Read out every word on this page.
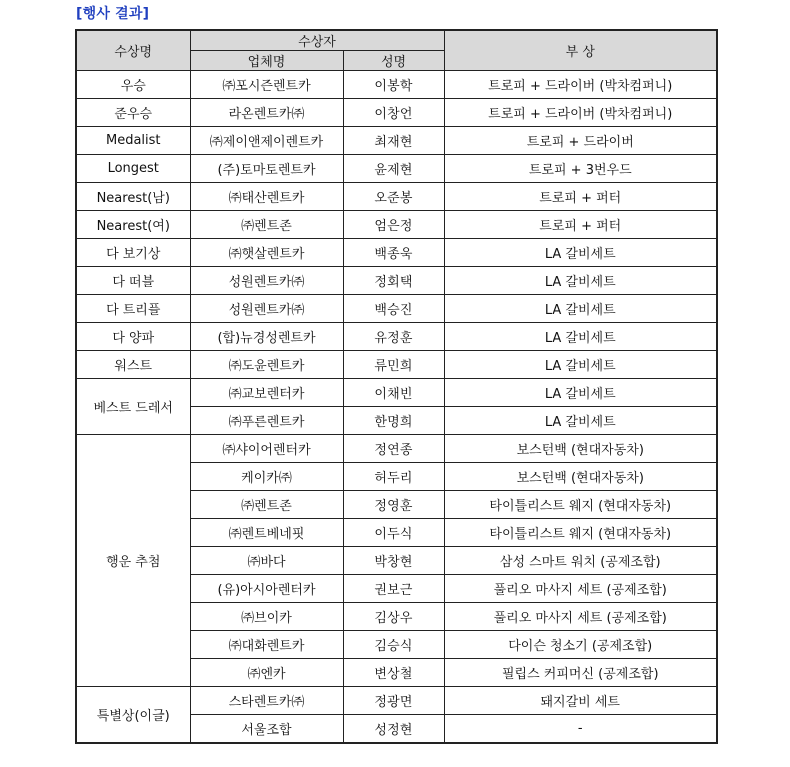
[행사 결과]
수상명	수상자		부 상
	업체명	성명	
우승	㈜포시즌렌트카	이봉학	트로피 + 드라이버 (박차컴퍼니)
준우승	라온렌트카㈜	이창언	트로피 + 드라이버 (박차컴퍼니)
Medalist	㈜제이앤제이렌트카	최재현	트로피 + 드라이버
Longest	(주)토마토렌트카	윤제현	트로피 + 3번우드
Nearest(남)	㈜태산렌트카	오준봉	트로피 + 퍼터
Nearest(여)	㈜렌트존	엄은정	트로피 + 퍼터
다 보기상	㈜햇살렌트카	백종욱	LA 갈비세트
다 떠블	성원렌트카㈜	정회택	LA 갈비세트
다 트리플	성원렌트카㈜	백승진	LA 갈비세트
다 양파	(합)뉴경성렌트카	유정훈	LA 갈비세트
워스트	㈜도윤렌트카	류민희	LA 갈비세트
베스트 드레서	㈜교보렌터카	이채빈	LA 갈비세트
	㈜푸른렌트카	한명희	LA 갈비세트
행운 추첨	㈜샤이어렌터카	정연종	보스턴백 (현대자동차)
	케이카㈜	허두리	보스턴백 (현대자동차)
	㈜렌트존	정영훈	타이틀리스트 웨지 (현대자동차)
	㈜렌트베네핏	이두식	타이틀리스트 웨지 (현대자동차)
	㈜바다	박창현	삼성 스마트 워치 (공제조합)
	(유)아시아렌터카	권보근	풀리오 마사지 세트 (공제조합)
	㈜브이카	김상우	풀리오 마사지 세트 (공제조합)
	㈜대화렌트카	김승식	다이슨 청소기 (공제조합)
	㈜엔카	변상철	필립스 커피머신 (공제조합)
특별상(이글)	스타렌트카㈜	정광면	돼지갈비 세트
	서울조합	성정현	-
